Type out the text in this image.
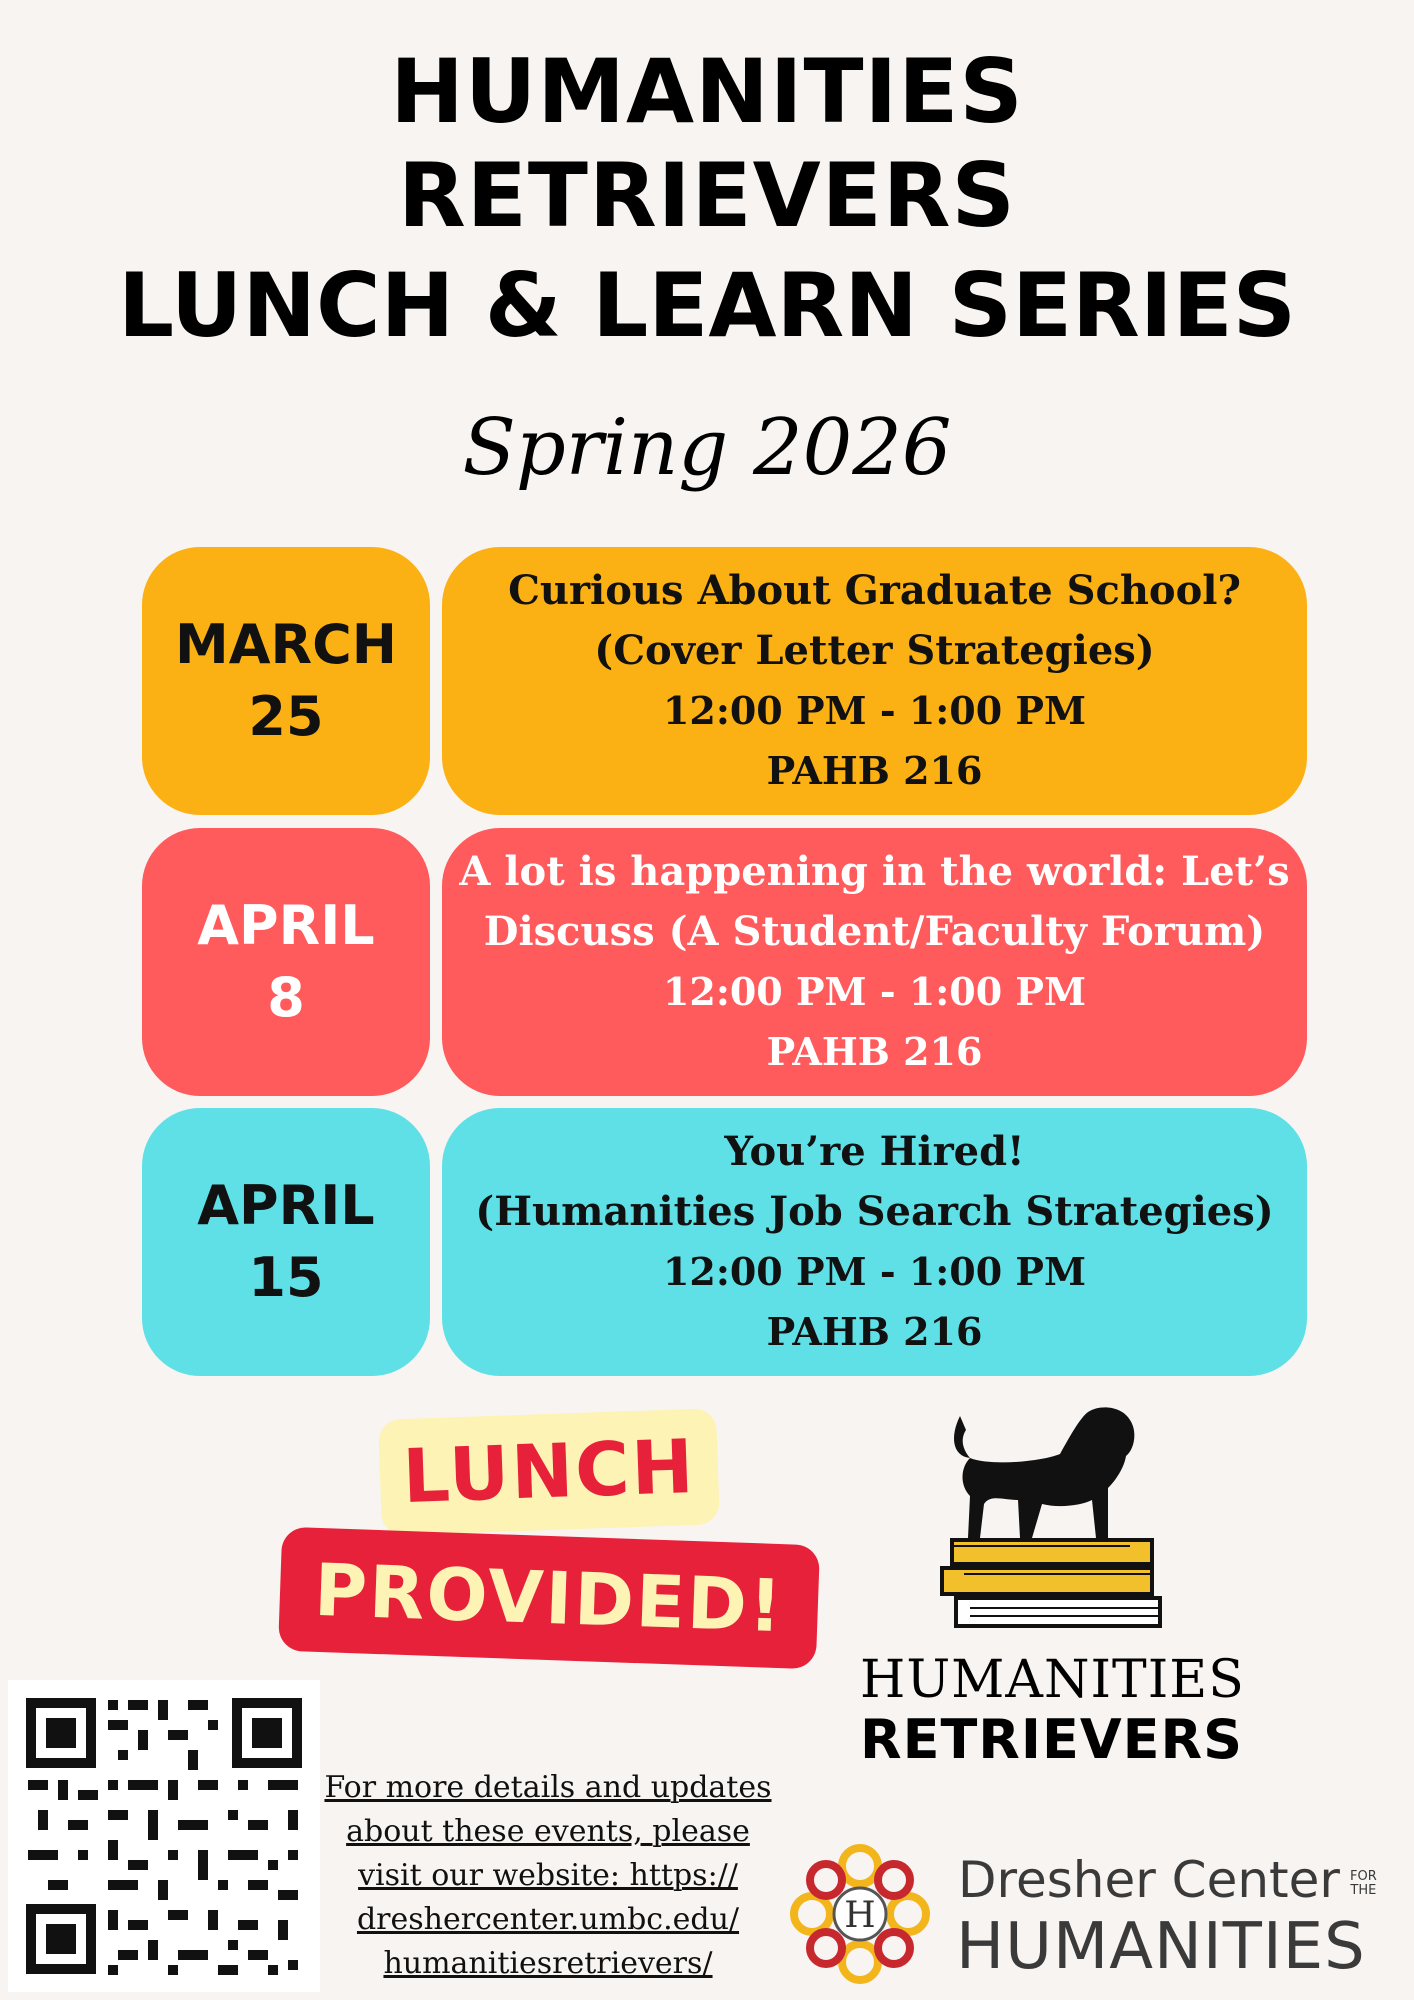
HUMANITIES
RETRIEVERS
LUNCH & LEARN SERIES
Spring 2026
MARCH
25
Curious About Graduate School?
(Cover Letter Strategies)
12:00 PM - 1:00 PM
PAHB 216
APRIL
8
A lot is happening in the world: Let’s
Discuss (A Student/Faculty Forum)
12:00 PM - 1:00 PM
PAHB 216
APRIL
15
You’re Hired!
(Humanities Job Search Strategies)
12:00 PM - 1:00 PM
PAHB 216
LUNCH
PROVIDED!
HUMANITIES
RETRIEVERS
For more details and updates
about these events, please
visit our website: https://
dreshercenter.umbc.edu/
humanitiesretrievers/
H
Dresher Center FOR
THE
HUMANITIES
